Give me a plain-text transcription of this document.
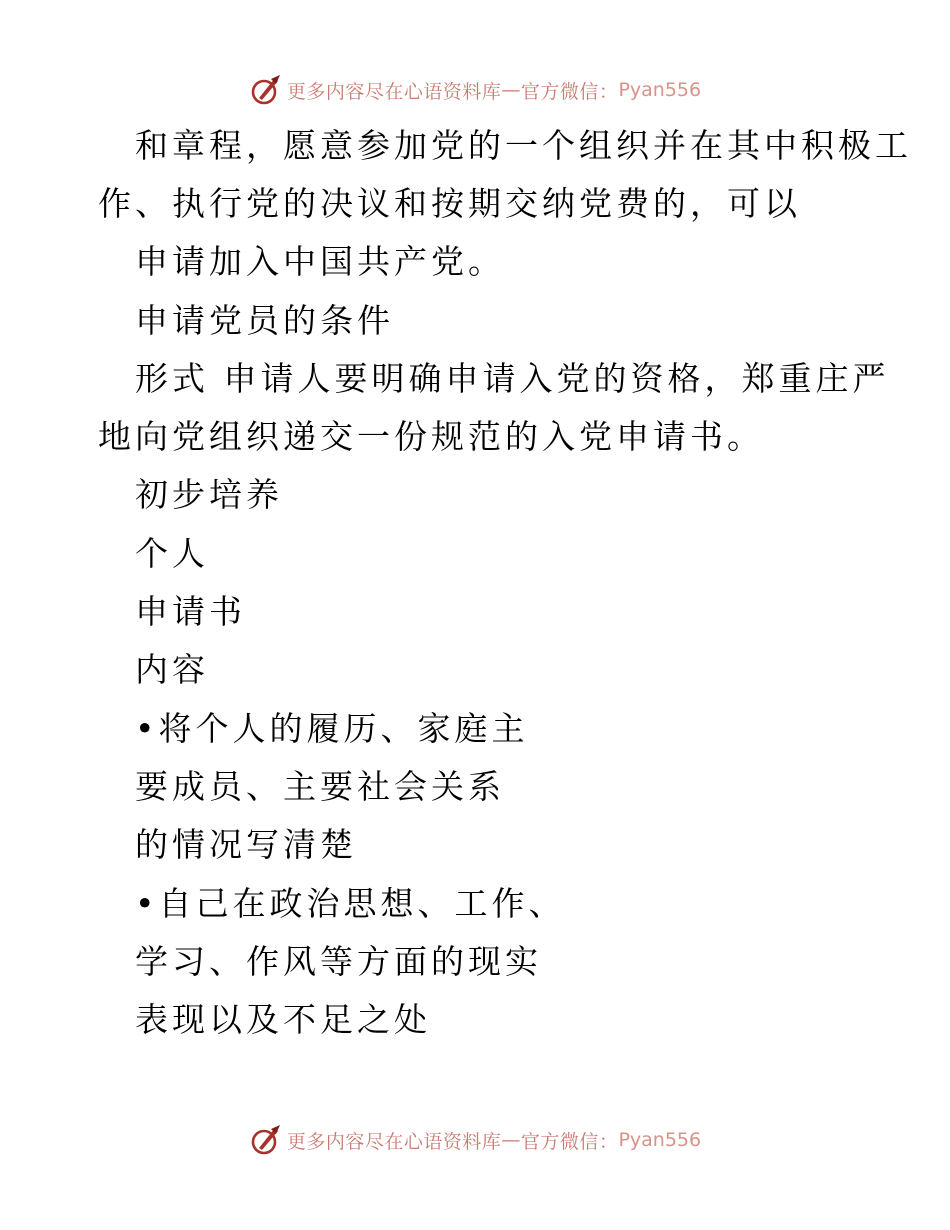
更多内容尽在心语资料库 — 官方微信： Pyan556
和章程，愿意参加党的一个组织并在其中积极工
作、执行党的决议和按期交纳党费的，可以
申请加入中国共产党。
申请党员的条件
形式 申请人要明确申请入党的资格，郑重庄严
地向党组织递交一份规范的入党申请书。
初步培养
个人
申请书
内容
•将个人的履历、家庭主
要成员、主要社会关系
的情况写清楚
•自己在政治思想、工作、
学习、作风等方面的现实
表现以及不足之处
更多内容尽在心语资料库 — 官方微信： Pyan556
